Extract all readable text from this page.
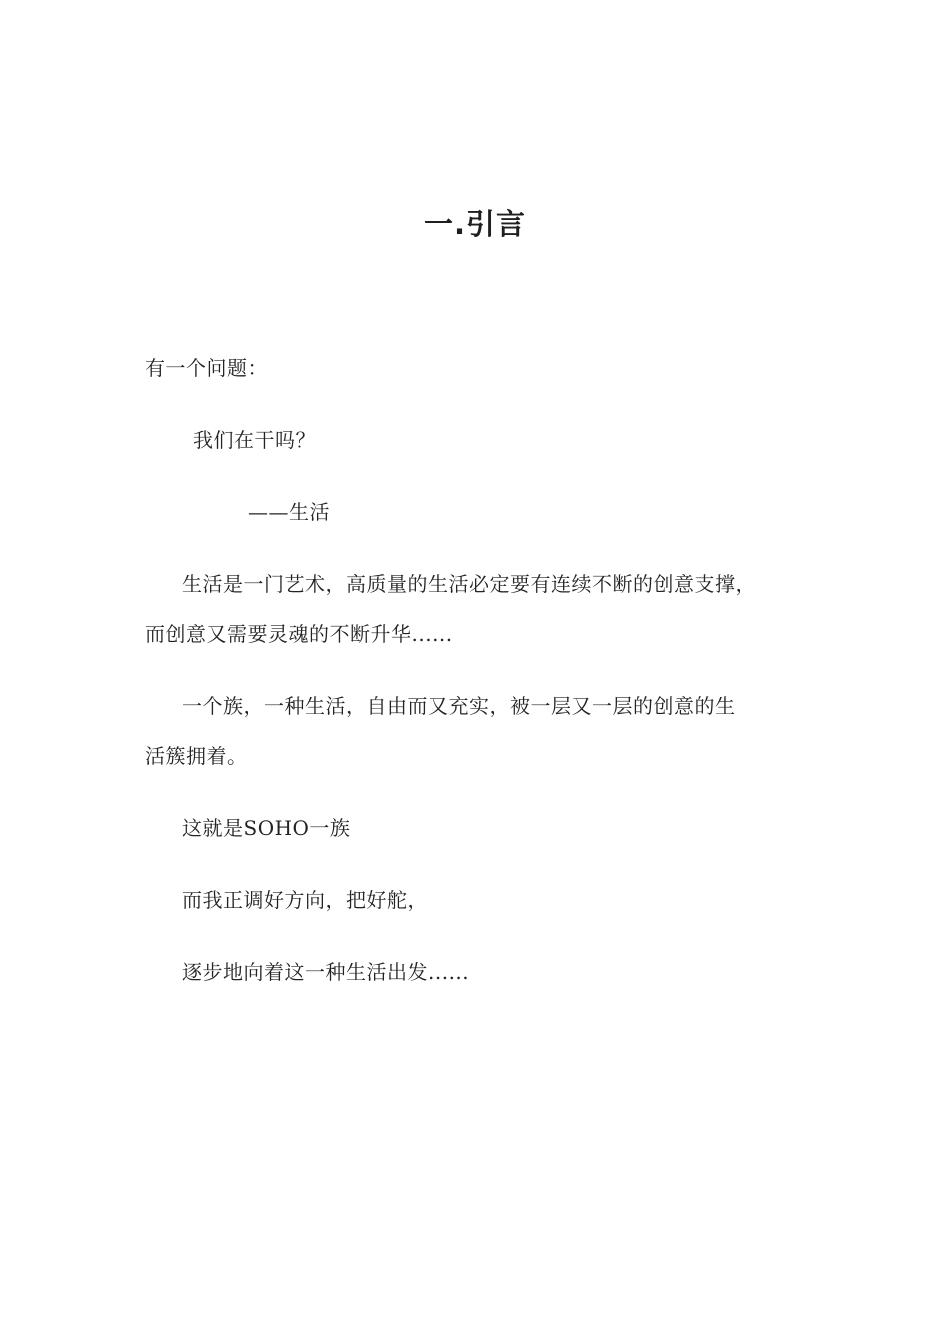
一.引言
有一个问题：
我们在干吗？
——生活
生活是一门艺术，高质量的生活必定要有连续不断的创意支撑，
而创意又需要灵魂的不断升华......
一个族，一种生活，自由而又充实，被一层又一层的创意的生
活簇拥着。
这就是SOHO一族
而我正调好方向，把好舵，
逐步地向着这一种生活出发......
